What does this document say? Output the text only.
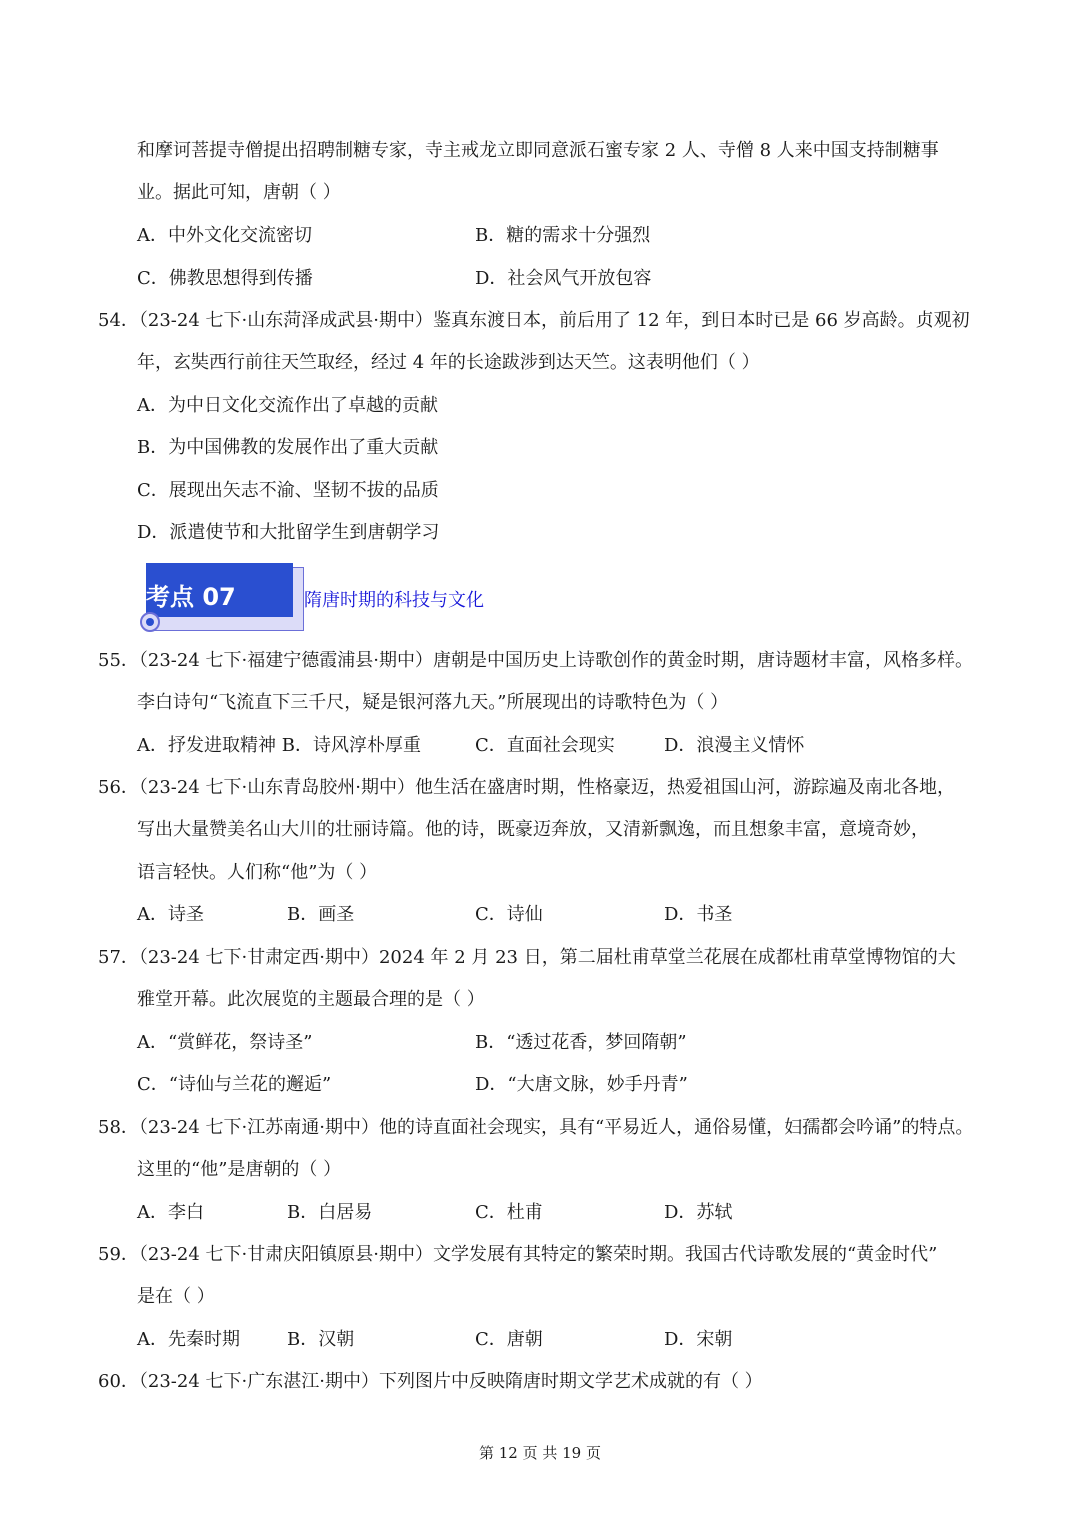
和摩诃菩提寺僧提出招聘制糖专家，寺主戒龙立即同意派石蜜专家 2 人、寺僧 8 人来中国支持制糖事
业。据此可知，唐朝（ ）
A．中外文化交流密切	B．糖的需求十分强烈
C．佛教思想得到传播	D．社会风气开放包容
54．（23-24 七下·山东菏泽成武县·期中）鉴真东渡日本，前后用了 12 年，到日本时已是 66 岁高龄。贞观初
年，玄奘西行前往天竺取经，经过 4 年的长途跋涉到达天竺。这表明他们（ ）
A．为中日文化交流作出了卓越的贡献
B．为中国佛教的发展作出了重大贡献
C．展现出矢志不渝、坚韧不拔的品质
D．派遣使节和大批留学生到唐朝学习
考点 07	隋唐时期的科技与文化
55．（23-24 七下·福建宁德霞浦县·期中）唐朝是中国历史上诗歌创作的黄金时期，唐诗题材丰富，风格多样。
李白诗句“飞流直下三千尺，疑是银河落九天。”所展现出的诗歌特色为（ ）
A．抒发进取精神 B．诗风淳朴厚重	C．直面社会现实	D．浪漫主义情怀
56．（23-24 七下·山东青岛胶州·期中）他生活在盛唐时期，性格豪迈，热爱祖国山河，游踪遍及南北各地，
写出大量赞美名山大川的壮丽诗篇。他的诗，既豪迈奔放，又清新飘逸，而且想象丰富，意境奇妙，
语言轻快。人们称“他”为（ ）
A．诗圣	B．画圣	C．诗仙	D．书圣
57．（23-24 七下·甘肃定西·期中）2024 年 2 月 23 日，第二届杜甫草堂兰花展在成都杜甫草堂博物馆的大
雅堂开幕。此次展览的主题最合理的是（ ）
A．“赏鲜花，祭诗圣”	B．“透过花香，梦回隋朝”
C．“诗仙与兰花的邂逅”	D．“大唐文脉，妙手丹青”
58．（23-24 七下·江苏南通·期中）他的诗直面社会现实，具有“平易近人，通俗易懂，妇孺都会吟诵”的特点。
这里的“他”是唐朝的（ ）
A．李白	B．白居易	C．杜甫	D．苏轼
59．（23-24 七下·甘肃庆阳镇原县·期中）文学发展有其特定的繁荣时期。我国古代诗歌发展的“黄金时代”
是在（ ）
A．先秦时期	B．汉朝	C．唐朝	D．宋朝
60．（23-24 七下·广东湛江·期中）下列图片中反映隋唐时期文学艺术成就的有（ ）
第 12 页 共 19 页
